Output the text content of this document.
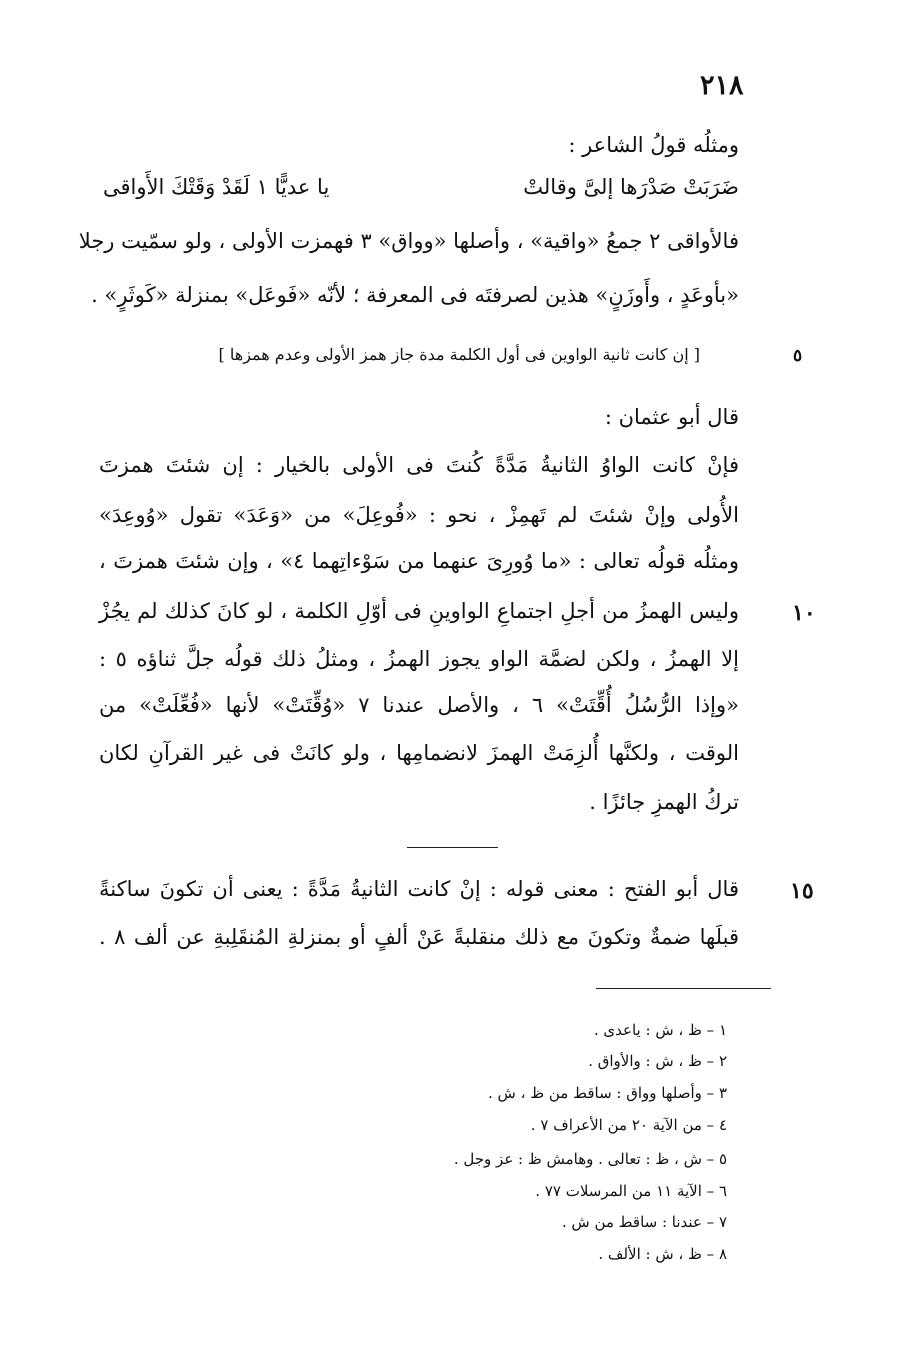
٢١٨
ومثلُه قولُ الشاعر :
ضَرَبَتْ صَدْرَها إلىَّ وقالتْ
يا عديًّا ١ لَقَدْ وَقَتْكَ الأَواقى
فالأواقى ٢ جمعُ «واقية» ، وأصلها «وواق» ٣ فهمزت الأولى ، ولو سمّيت رجلا
«بأوعَدٍ ، وأَوزَنٍ» هذين لصرفتَه فى المعرفة ؛ لأنّه «فَوعَل» بمنزلة «كَوثَرٍ» .
[ إن كانت ثانية الواوين فى أول الكلمة مدة جاز همز الأولى وعدم همزها ]	٥
قال أبو عثمان :
فإنْ كانت الواوُ الثانيةُ مَدَّةً كُنتَ فى الأولى بالخيار : إن شئتَ همزتَ
الأُولى وإنْ شئتَ لم تَهمِزْ ، نحو : «فُوعِلَ» من «وَعَدَ» تقول «وُوعِدَ»
ومثلُه قولُه تعالى : «ما وُورِىَ عنهما من سَوْءاتِهما ٤» ، وإن شئتَ همزتَ ،
وليس الهمزُ من أجلِ اجتماعِ الواوينِ فى أوّلِ الكلمة ، لو كانَ كذلك لم يجُزْ ١٠
إلا الهمزُ ، ولكن لضمَّة الواو يجوز الهمزُ ، ومثلُ ذلك قولُه جلَّ ثناؤه ٥ :
«وإذا الرُّسُلُ أُقِّتَتْ» ٦ ، والأصل عندنا ٧ «وُقِّتَتْ» لأنها «فُعِّلَتْ» من
الوقت ، ولكنَّها أُلزِمَتْ الهمزَ لانضمامِها ، ولو كانَتْ فى غير القرآنِ لكان
تركُ الهمزِ جائزًا .
قال أبو الفتح : معنى قوله : إنْ كانت الثانيةُ مَدَّةً : يعنى أن تكونَ ساكنةً ١٥
قبلَها ضمةٌ وتكونَ مع ذلك منقلبةً عَنْ ألفٍ أو بمنزلةِ المُنقَلِبةِ عن ألف ٨ .
١ – ظ ، ش : ياعدى .
٢ – ظ ، ش : والأواق .
٣ – وأصلها وواق : ساقط من ظ ، ش .
٤ – من الآية ٢٠ من الأعراف ٧ .
٥ – ش ، ظ : تعالى . وهامش ظ : عز وجل .
٦ – الآية ١١ من المرسلات ٧٧ .
٧ – عندنا : ساقط من ش .
٨ – ظ ، ش : الألف .
